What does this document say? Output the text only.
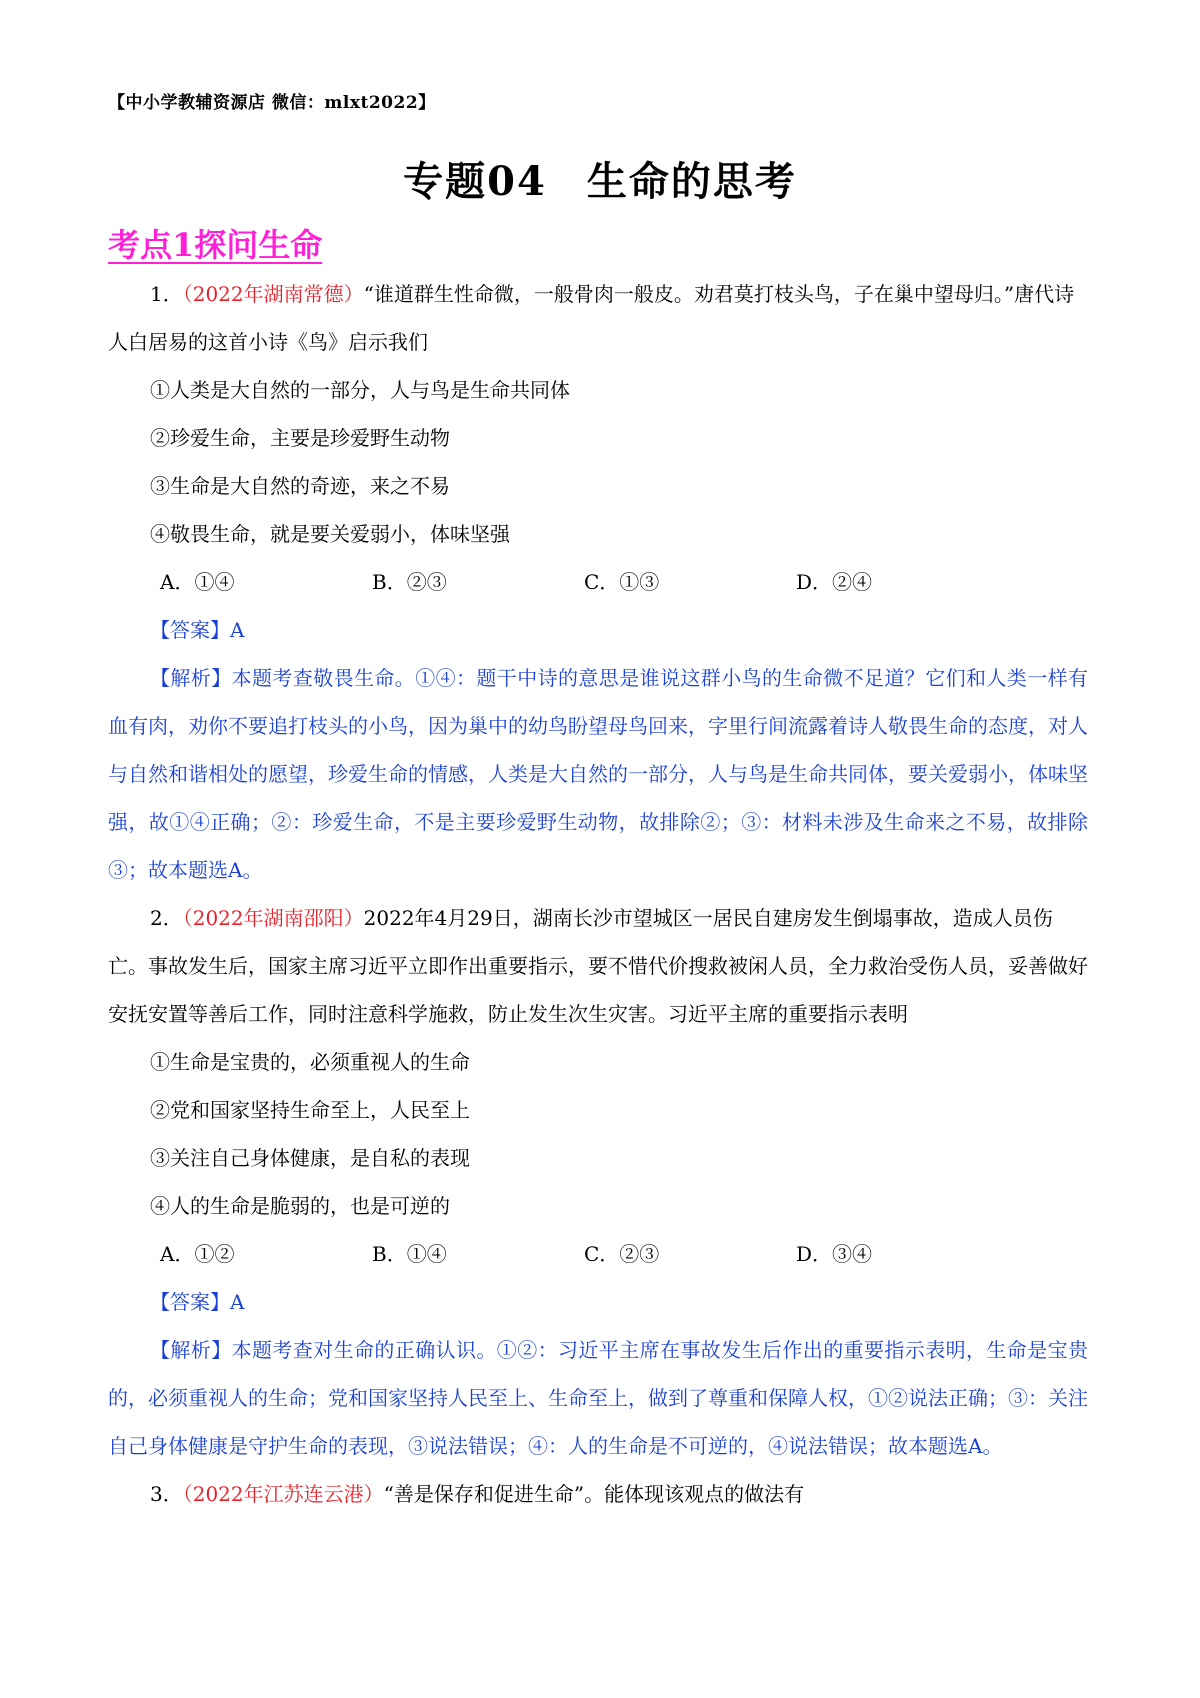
【中小学教辅资源店 微信：mlxt2022】
专题04 生命的思考
考点1探问生命

1．（2022年湖南常德）“谁道群生性命微，一般骨肉一般皮。劝君莫打枝头鸟，子在巢中望母归。”唐代诗人白居易的这首小诗《鸟》启示我们

①人类是大自然的一部分，人与鸟是生命共同体

②珍爱生命，主要是珍爱野生动物

③生命是大自然的奇迹，来之不易

④敬畏生命，就是要关爱弱小，体味坚强

A．①④	B．②③	C．①③	D．②④

【答案】A

【解析】本题考查敬畏生命。①④：题干中诗的意思是谁说这群小鸟的生命微不足道？它们和人类一样有血有肉，劝你不要追打枝头的小鸟，因为巢中的幼鸟盼望母鸟回来，字里行间流露着诗人敬畏生命的态度，对人与自然和谐相处的愿望，珍爱生命的情感，人类是大自然的一部分，人与鸟是生命共同体，要关爱弱小，体味坚强，故①④正确；②：珍爱生命，不是主要珍爱野生动物，故排除②；③：材料未涉及生命来之不易，故排除③；故本题选A。

2．（2022年湖南邵阳）2022年4月29日，湖南长沙市望城区一居民自建房发生倒塌事故，造成人员伤亡。事故发生后，国家主席习近平立即作出重要指示，要不惜代价搜救被闲人员，全力救治受伤人员，妥善做好安抚安置等善后工作，同时注意科学施救，防止发生次生灾害。习近平主席的重要指示表明

①生命是宝贵的，必须重视人的生命

②党和国家坚持生命至上，人民至上

③关注自己身体健康，是自私的表现

④人的生命是脆弱的，也是可逆的

A．①②	B．①④	C．②③	D．③④

【答案】A

【解析】本题考查对生命的正确认识。①②：习近平主席在事故发生后作出的重要指示表明，生命是宝贵的，必须重视人的生命；党和国家坚持人民至上、生命至上，做到了尊重和保障人权，①②说法正确；③：关注自己身体健康是守护生命的表现，③说法错误；④：人的生命是不可逆的，④说法错误；故本题选A。

3．（2022年江苏连云港）“善是保存和促进生命”。能体现该观点的做法有
